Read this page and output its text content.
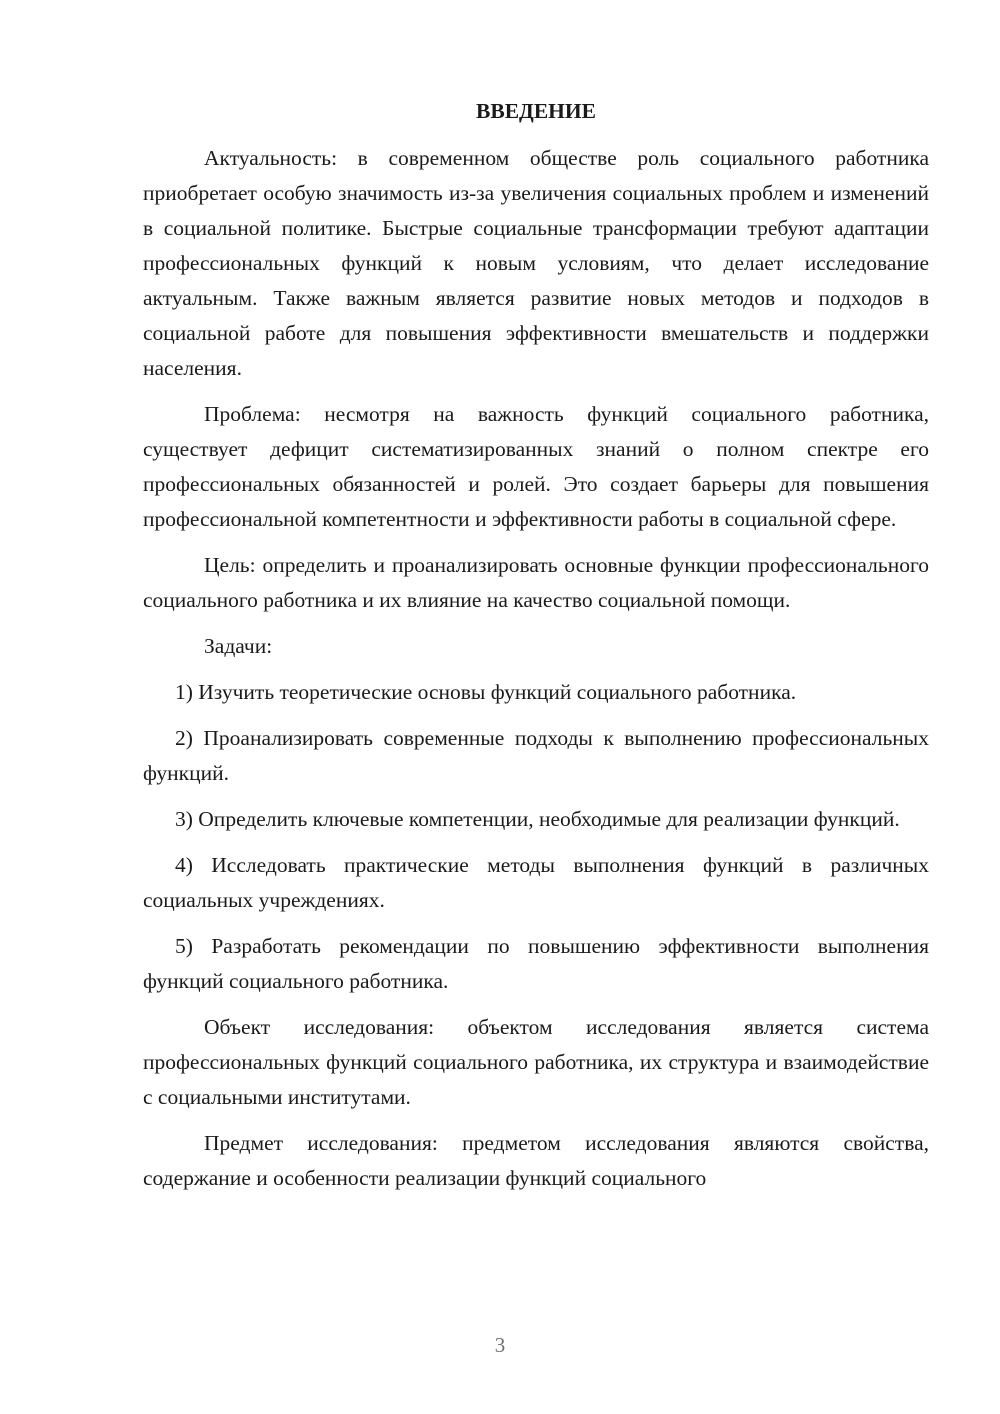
ВВЕДЕНИЕ

Актуальность: в современном обществе роль социального работника приобретает особую значимость из-за увеличения социальных проблем и изменений в социальной политике. Быстрые социальные трансформации требуют адаптации профессиональных функций к новым условиям, что делает исследование актуальным. Также важным является развитие новых методов и подходов в социальной работе для повышения эффективности вмешательств и поддержки населения.

Проблема: несмотря на важность функций социального работника, существует дефицит систематизированных знаний о полном спектре его профессиональных обязанностей и ролей. Это создает барьеры для повышения профессиональной компетентности и эффективности работы в социальной сфере.

Цель: определить и проанализировать основные функции профессионального социального работника и их влияние на качество социальной помощи.

Задачи:

1) Изучить теоретические основы функций социального работника.

2) Проанализировать современные подходы к выполнению профессиональных функций.

3) Определить ключевые компетенции, необходимые для реализации функций.

4) Исследовать практические методы выполнения функций в различных социальных учреждениях.

5) Разработать рекомендации по повышению эффективности выполнения функций социального работника.

Объект исследования: объектом исследования является система профессиональных функций социального работника, их структура и взаимодействие с социальными институтами.

Предмет исследования: предметом исследования являются свойства, содержание и особенности реализации функций социального

3
